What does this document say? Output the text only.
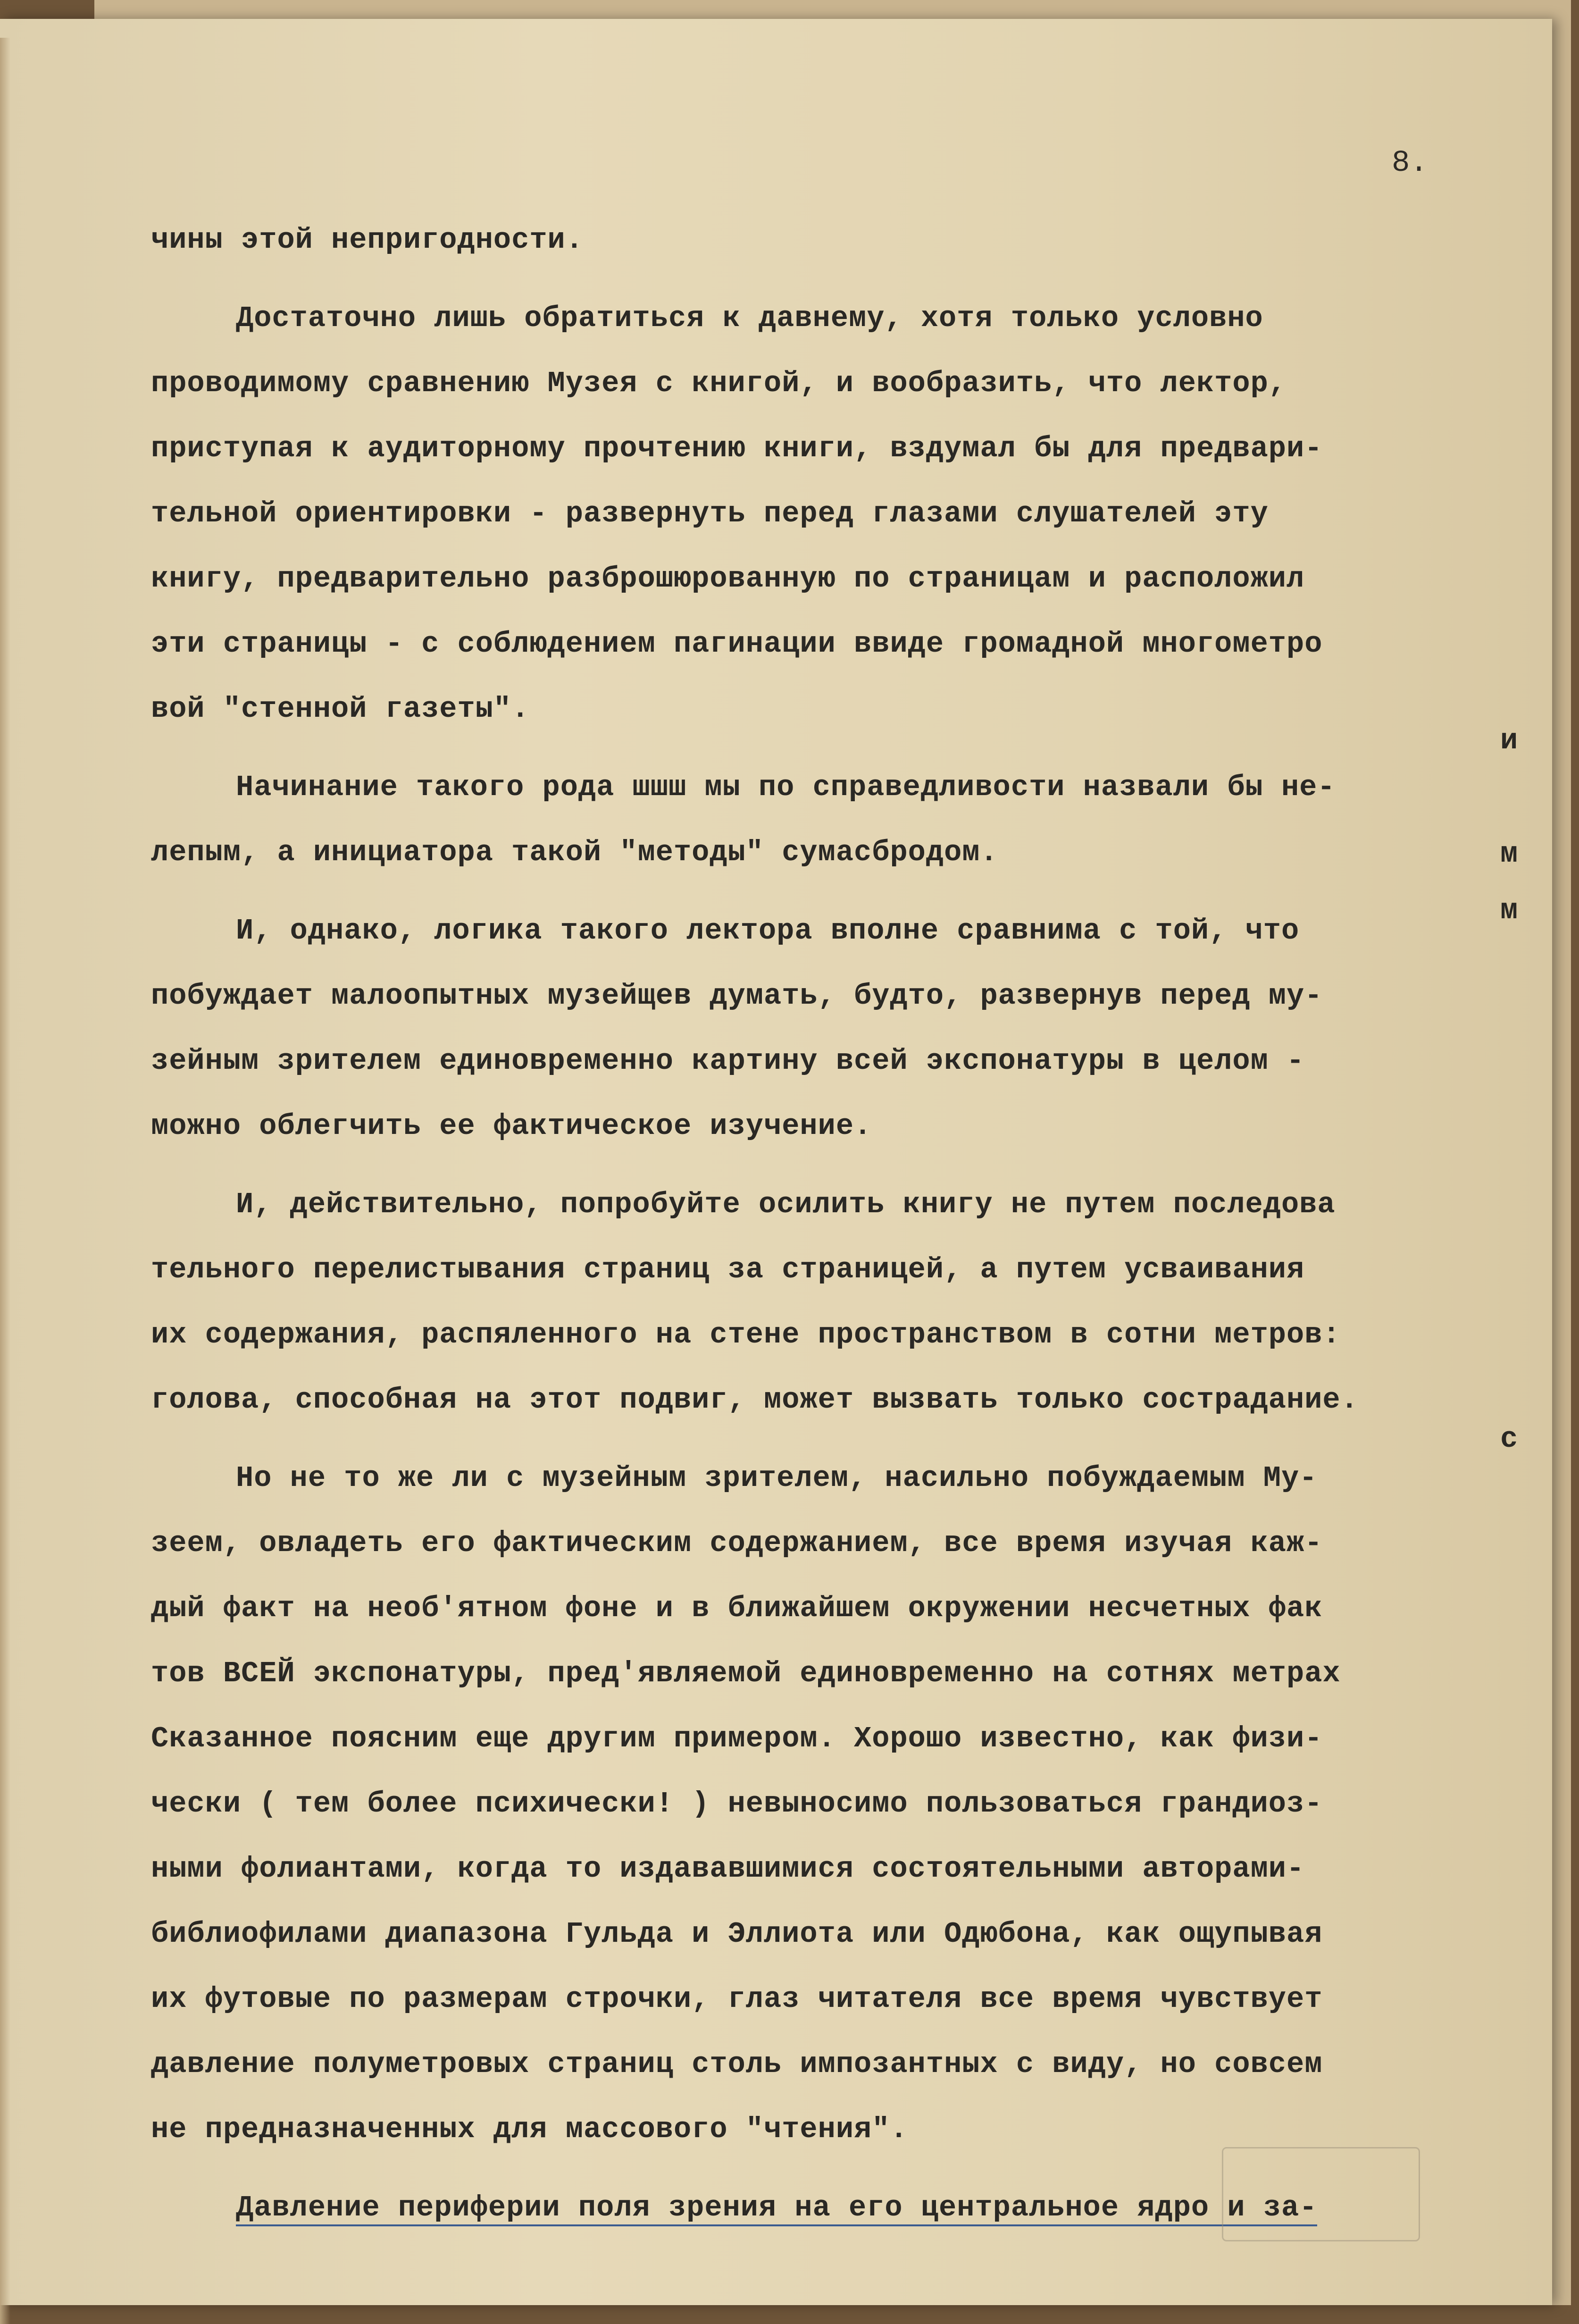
8.
чины этой непригодности.
Достаточно лишь обратиться к давнему, хотя только условно
проводимому сравнению Музея с книгой, и вообразить, что лектор,
приступая к аудиторному прочтению книги, вздумал бы для предвари-
тельной ориентировки - развернуть перед глазами слушателей эту
книгу, предварительно разброшюрованную по страницам и расположил
эти страницы - с соблюдением пагинации ввиде громадной многометро
вой "стенной газеты".
Начинание такого рода шшш мы по справедливости назвали бы не-
лепым, а инициатора такой "методы" сумасбродом.
И, однако, логика такого лектора вполне сравнима с той, что
побуждает малоопытных музейщев думать, будто, развернув перед му-
зейным зрителем единовременно картину всей экспонатуры в целом -
можно облегчить ее фактическое изучение.
И, действительно, попробуйте осилить книгу не путем последова
тельного перелистывания страниц за страницей, а путем усваивания
их содержания, распяленного на стене пространством в сотни метров:
голова, способная на этот подвиг, может вызвать только сострадание.
Но не то же ли с музейным зрителем, насильно побуждаемым Му-
зеем, овладеть его фактическим содержанием, все время изучая каж-
дый факт на необ'ятном фоне и в ближайшем окружении несчетных фак
тов ВСЕЙ экспонатуры, пред'являемой единовременно на сотнях метрах
Сказанное поясним еще другим примером. Хорошо известно, как физи-
чески ( тем более психически! ) невыносимо пользоваться грандиоз-
ными фолиантами, когда то издававшимися состоятельными авторами-
библиофилами диапазона Гульда и Эллиота или Одюбона, как ощупывая
их футовые по размерам строчки, глаз читателя все время чувствует
давление полуметровых страниц столь импозантных с виду, но совсем
не предназначенных для массового "чтения".
Давление периферии поля зрения на его центральное ядро и за-
и
м
м
с
